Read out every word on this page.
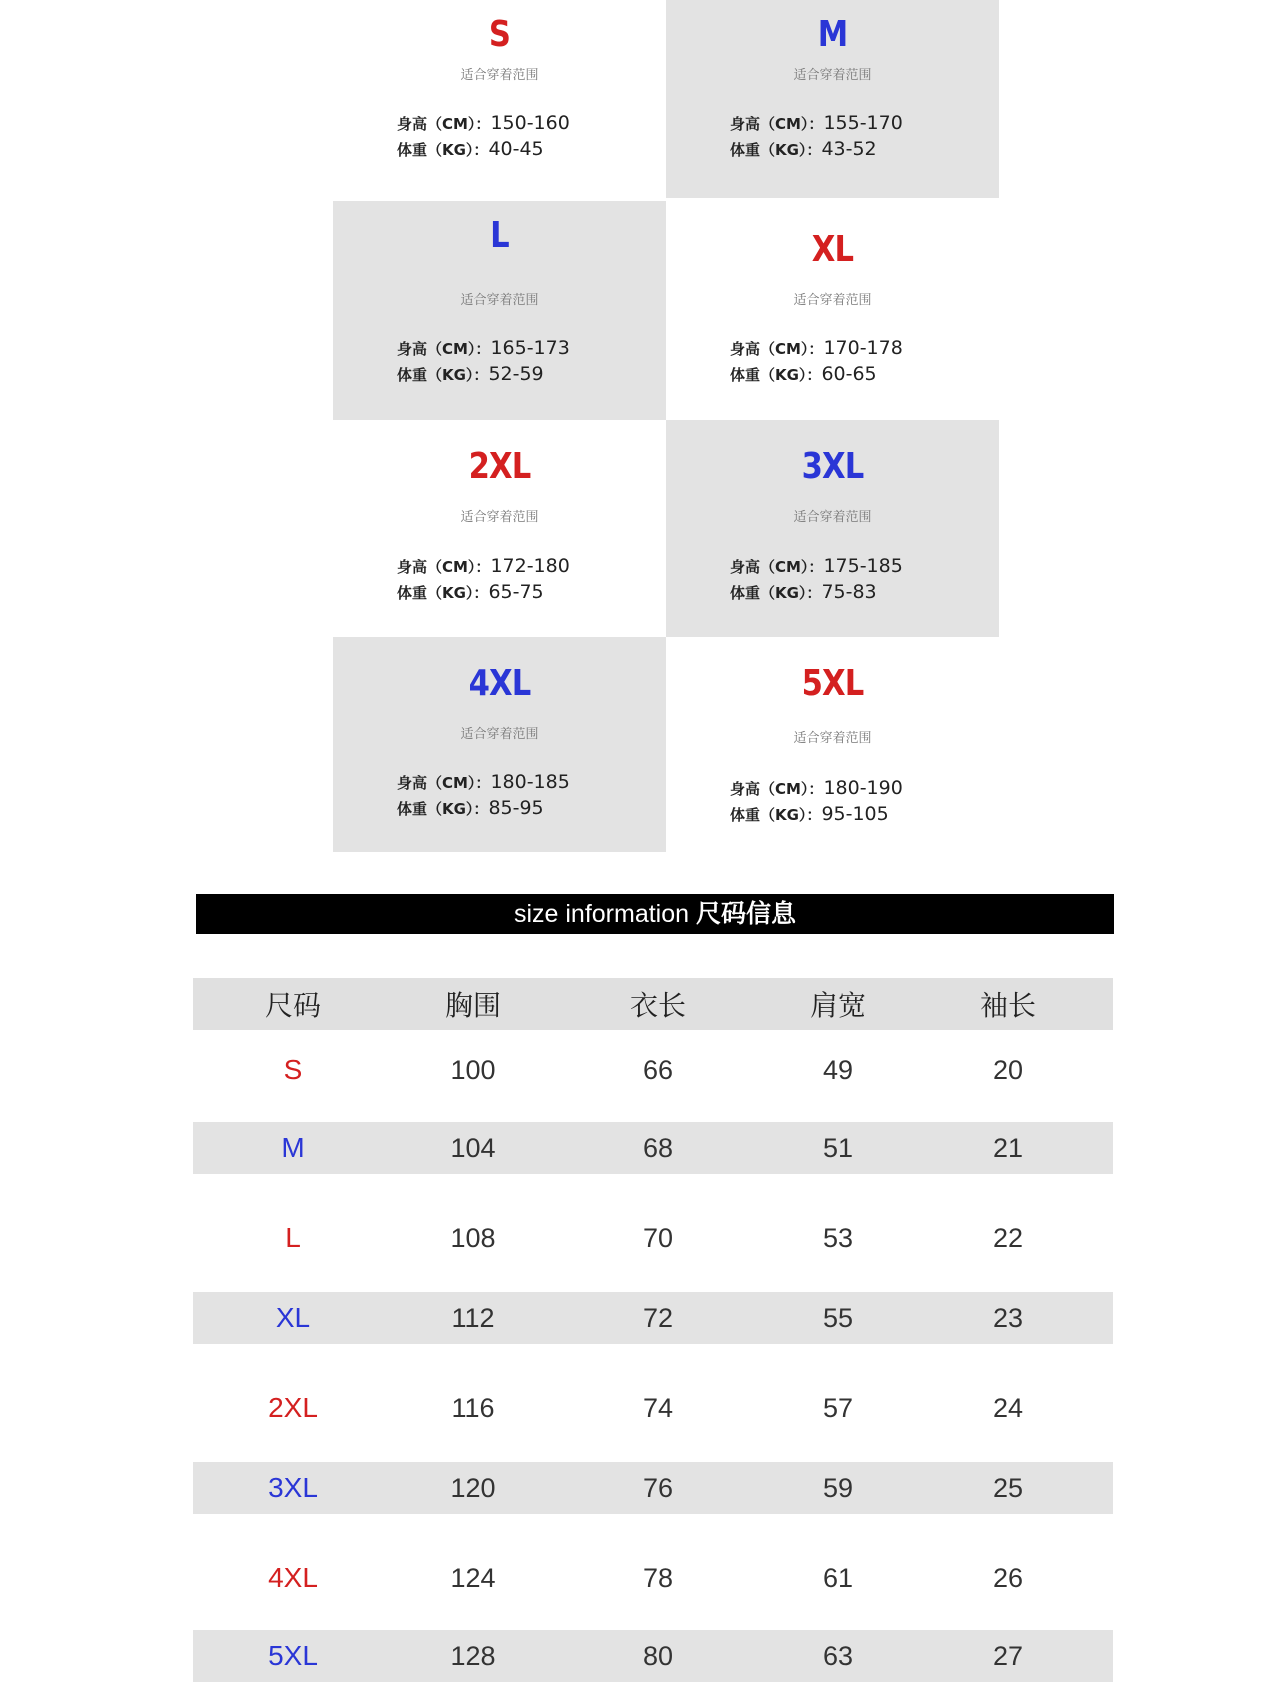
S
适合穿着范围
身高（CM）：150-160
体重（KG）：40-45
M
适合穿着范围
身高（CM）：155-170
体重（KG）：43-52
L
适合穿着范围
身高（CM）：165-173
体重（KG）：52-59
XL
适合穿着范围
身高（CM）：170-178
体重（KG）：60-65
2XL
适合穿着范围
身高（CM）：172-180
体重（KG）：65-75
3XL
适合穿着范围
身高（CM）：175-185
体重（KG）：75-83
4XL
适合穿着范围
身高（CM）：180-185
体重（KG）：85-95
5XL
适合穿着范围
身高（CM）：180-190
体重（KG）：95-105
size information 尺码信息
尺码	胸围	衣长	肩宽	袖长
S	100	66	49	20
M	104	68	51	21
L	108	70	53	22
XL	112	72	55	23
2XL	116	74	57	24
3XL	120	76	59	25
4XL	124	78	61	26
5XL	128	80	63	27
